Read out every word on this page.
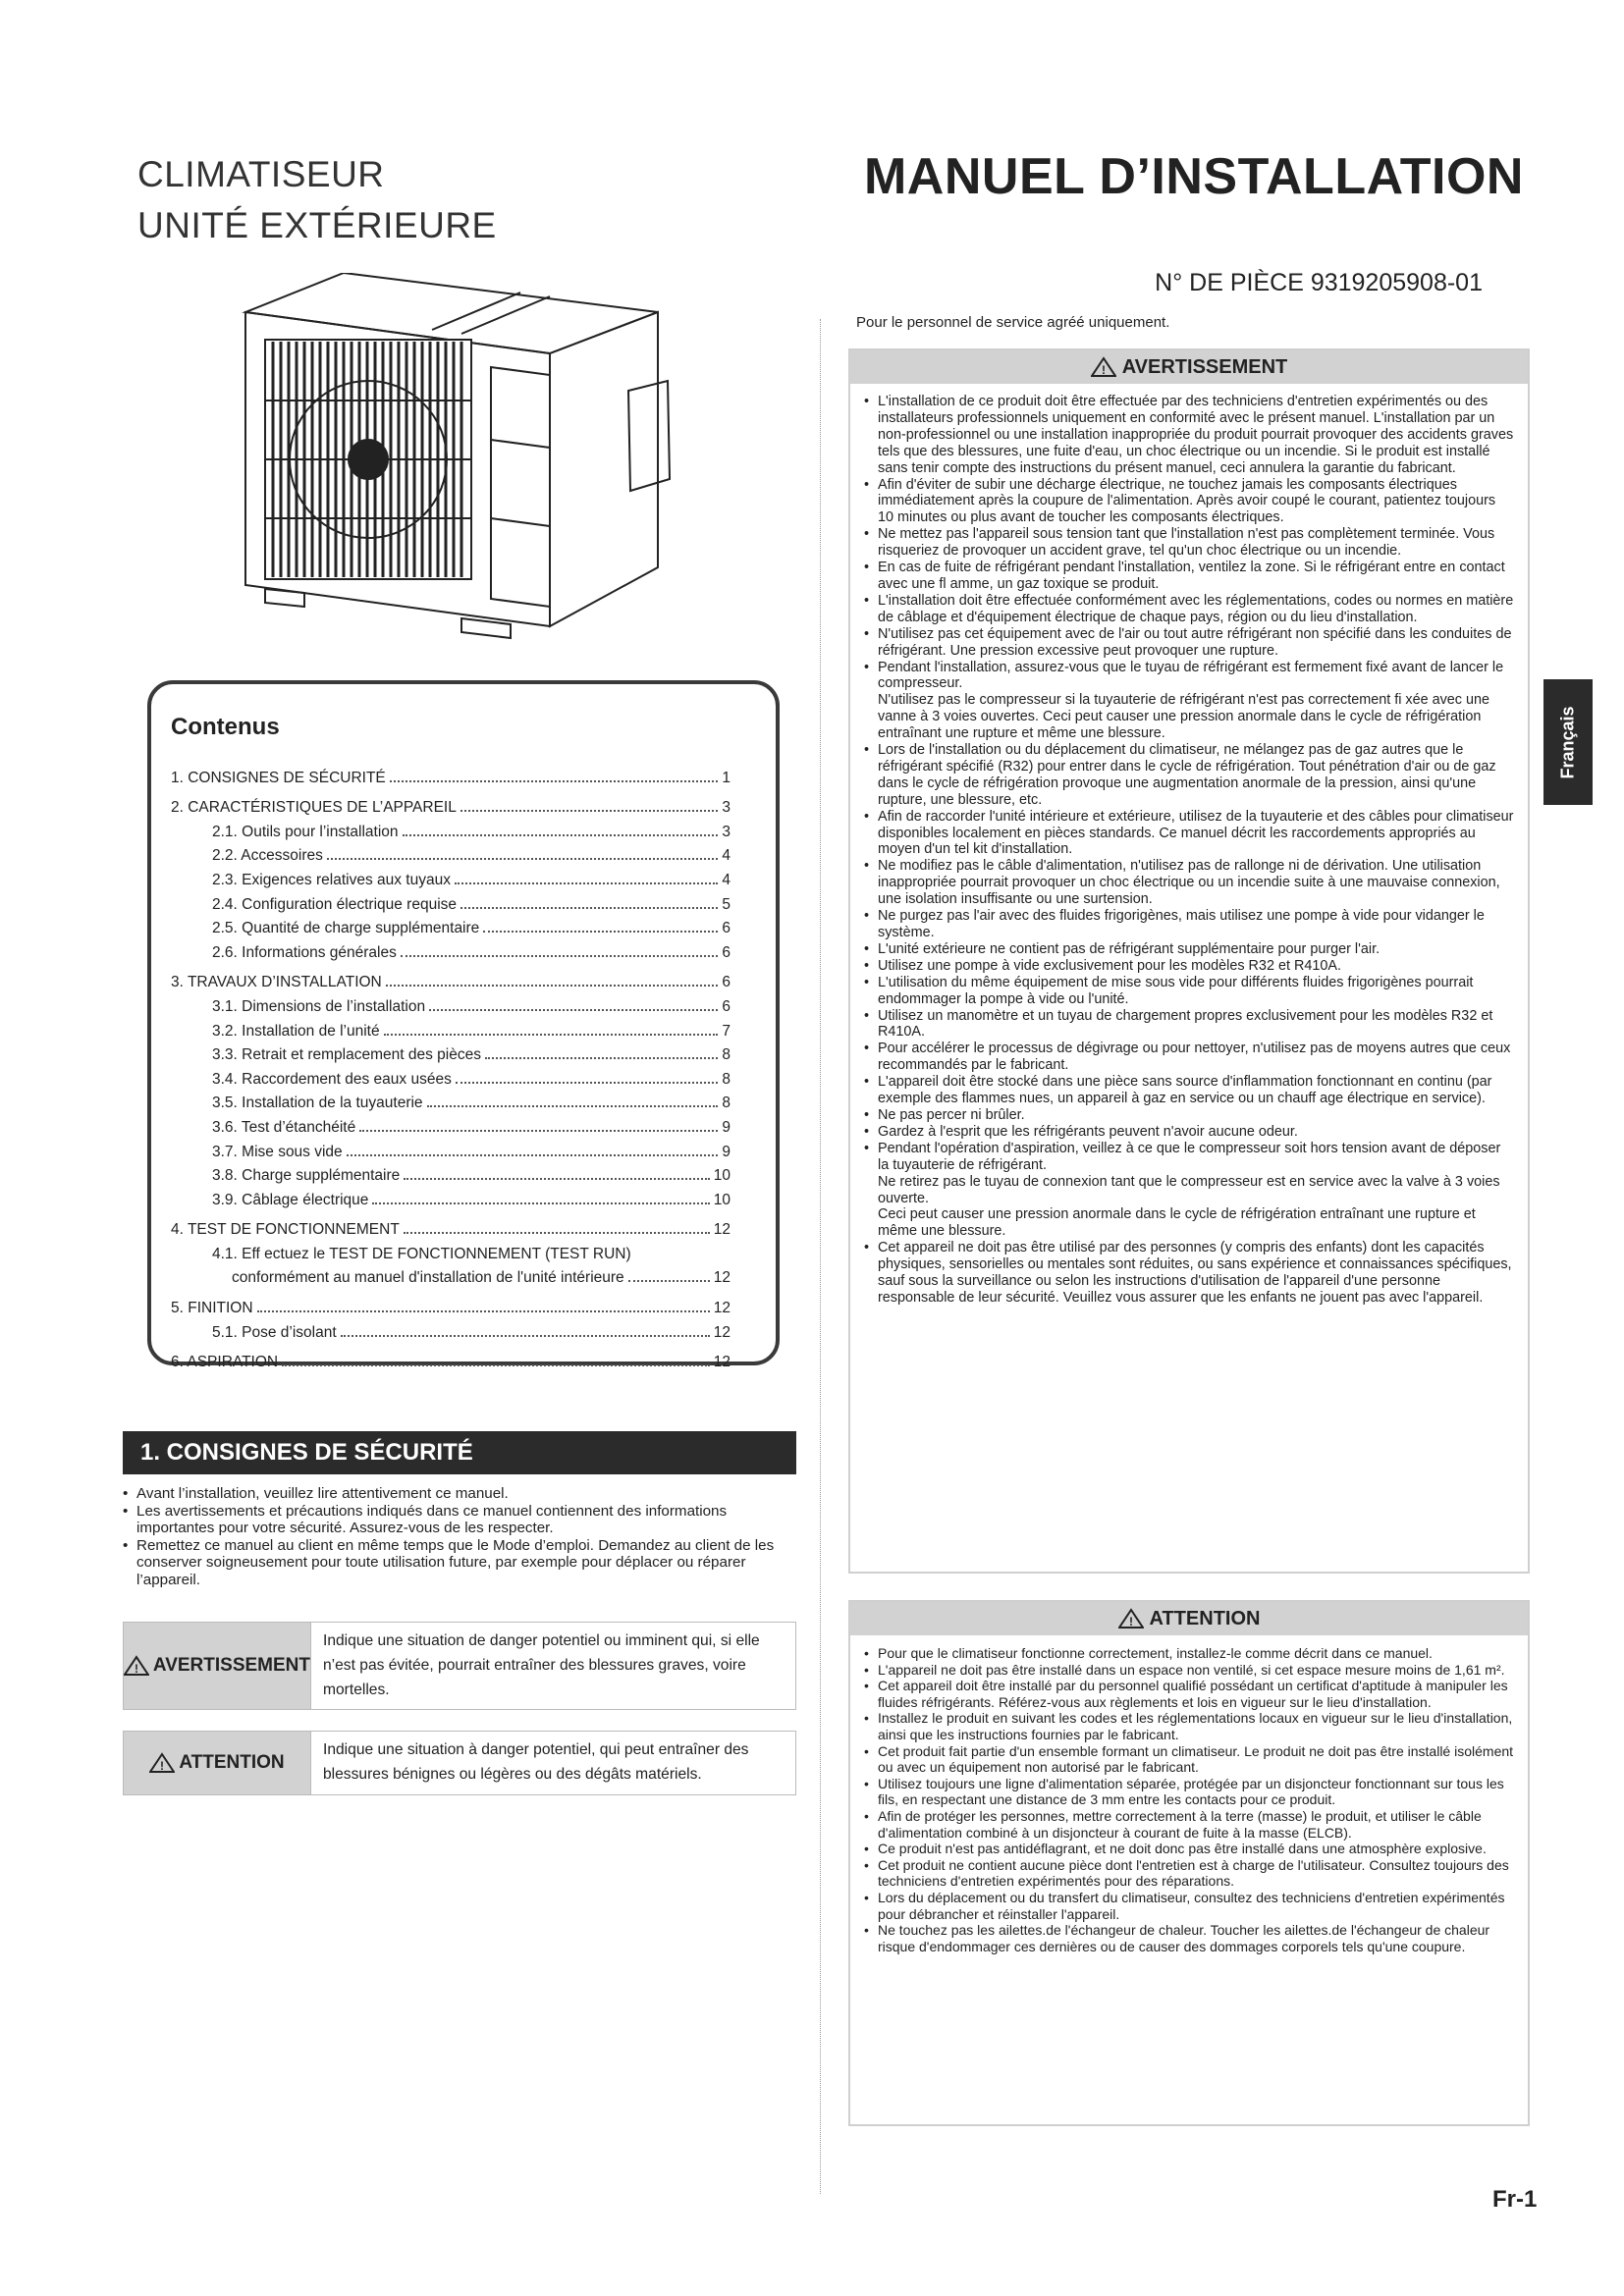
CLIMATISEUR
UNITÉ EXTÉRIEURE
MANUEL D’INSTALLATION
N° DE PIÈCE 9319205908-01
Pour le personnel de service agréé uniquement.
Contenus
1. CONSIGNES DE SÉCURITÉ	1
2. CARACTÉRISTIQUES DE L’APPAREIL	3
2.1. Outils pour l’installation	3
2.2. Accessoires	4
2.3. Exigences relatives aux tuyaux	4
2.4. Configuration électrique requise	5
2.5. Quantité de charge supplémentaire	6
2.6. Informations générales	6
3. TRAVAUX D’INSTALLATION	6
3.1. Dimensions de l’installation	6
3.2. Installation de l’unité	7
3.3. Retrait et remplacement des pièces	8
3.4. Raccordement des eaux usées	8
3.5. Installation de la tuyauterie	8
3.6. Test d’étanchéité	9
3.7. Mise sous vide	9
3.8. Charge supplémentaire	10
3.9. Câblage électrique	10
4. TEST DE FONCTIONNEMENT	12
4.1. Eff ectuez le TEST DE FONCTIONNEMENT (TEST RUN)
conformément au manuel d'installation de l'unité intérieure	12
5. FINITION	12
5.1. Pose d’isolant	12
6. ASPIRATION	12
1. CONSIGNES DE SÉCURITÉ
• Avant l’installation, veuillez lire attentivement ce manuel.
• Les avertissements et précautions indiqués dans ce manuel contiennent des informations importantes pour votre sécurité. Assurez-vous de les respecter.
• Remettez ce manuel au client en même temps que le Mode d’emploi. Demandez au client de les conserver soigneusement pour toute utilisation future, par exemple pour déplacer ou réparer l’appareil.
! AVERTISSEMENT
Indique une situation de danger potentiel ou imminent qui, si elle n’est pas évitée, pourrait entraîner des blessures graves, voire mortelles.
! ATTENTION
Indique une situation à danger potentiel, qui peut entraîner des blessures bénignes ou légères ou des dégâts matériels.
! AVERTISSEMENT
• L'installation de ce produit doit être effectuée par des techniciens d'entretien expérimentés ou des installateurs professionnels uniquement en conformité avec le présent manuel. L'installation par un non-professionnel ou une installation inappropriée du produit pourrait provoquer des accidents graves tels que des blessures, une fuite d'eau, un choc électrique ou un incendie. Si le produit est installé sans tenir compte des instructions du présent manuel, ceci annulera la garantie du fabricant.
• Afin d'éviter de subir une décharge électrique, ne touchez jamais les composants électriques immédiatement après la coupure de l'alimentation. Après avoir coupé le courant, patientez toujours 10 minutes ou plus avant de toucher les composants électriques.
• Ne mettez pas l'appareil sous tension tant que l'installation n'est pas complètement terminée. Vous risqueriez de provoquer un accident grave, tel qu'un choc électrique ou un incendie.
• En cas de fuite de réfrigérant pendant l'installation, ventilez la zone. Si le réfrigérant entre en contact avec une fl amme, un gaz toxique se produit.
• L'installation doit être effectuée conformément avec les réglementations, codes ou normes en matière de câblage et d'équipement électrique de chaque pays, région ou du lieu d'installation.
• N'utilisez pas cet équipement avec de l'air ou tout autre réfrigérant non spécifié dans les conduites de réfrigérant. Une pression excessive peut provoquer une rupture.
• Pendant l'installation, assurez-vous que le tuyau de réfrigérant est fermement fixé avant de lancer le compresseur.
N'utilisez pas le compresseur si la tuyauterie de réfrigérant n'est pas correctement fi xée avec une vanne à 3 voies ouvertes. Ceci peut causer une pression anormale dans le cycle de réfrigération entraînant une rupture et même une blessure.
• Lors de l'installation ou du déplacement du climatiseur, ne mélangez pas de gaz autres que le réfrigérant spécifié (R32) pour entrer dans le cycle de réfrigération. Tout pénétration d'air ou de gaz dans le cycle de réfrigération provoque une augmentation anormale de la pression, ainsi qu'une rupture, une blessure, etc.
• Afin de raccorder l'unité intérieure et extérieure, utilisez de la tuyauterie et des câbles pour climatiseur disponibles localement en pièces standards. Ce manuel décrit les raccordements appropriés au moyen d'un tel kit d'installation.
• Ne modifiez pas le câble d'alimentation, n'utilisez pas de rallonge ni de dérivation. Une utilisation inappropriée pourrait provoquer un choc électrique ou un incendie suite à une mauvaise connexion, une isolation insuffisante ou une surtension.
• Ne purgez pas l'air avec des fluides frigorigènes, mais utilisez une pompe à vide pour vidanger le système.
• L'unité extérieure ne contient pas de réfrigérant supplémentaire pour purger l'air.
• Utilisez une pompe à vide exclusivement pour les modèles R32 et R410A.
• L'utilisation du même équipement de mise sous vide pour différents fluides frigorigènes pourrait endommager la pompe à vide ou l'unité.
• Utilisez un manomètre et un tuyau de chargement propres exclusivement pour les modèles R32 et R410A.
• Pour accélérer le processus de dégivrage ou pour nettoyer, n'utilisez pas de moyens autres que ceux recommandés par le fabricant.
• L'appareil doit être stocké dans une pièce sans source d'inflammation fonctionnant en continu (par exemple des flammes nues, un appareil à gaz en service ou un chauff age électrique en service).
• Ne pas percer ni brûler.
• Gardez à l'esprit que les réfrigérants peuvent n'avoir aucune odeur.
• Pendant l'opération d'aspiration, veillez à ce que le compresseur soit hors tension avant de déposer la tuyauterie de réfrigérant.
Ne retirez pas le tuyau de connexion tant que le compresseur est en service avec la valve à 3 voies ouverte.
Ceci peut causer une pression anormale dans le cycle de réfrigération entraînant une rupture et même une blessure.
• Cet appareil ne doit pas être utilisé par des personnes (y compris des enfants) dont les capacités physiques, sensorielles ou mentales sont réduites, ou sans expérience et connaissances spécifiques, sauf sous la surveillance ou selon les instructions d'utilisation de l'appareil d'une personne responsable de leur sécurité. Veuillez vous assurer que les enfants ne jouent pas avec l'appareil.
! ATTENTION
• Pour que le climatiseur fonctionne correctement, installez-le comme décrit dans ce manuel.
• L'appareil ne doit pas être installé dans un espace non ventilé, si cet espace mesure moins de 1,61 m².
• Cet appareil doit être installé par du personnel qualifié possédant un certificat d'aptitude à manipuler les fluides réfrigérants. Référez-vous aux règlements et lois en vigueur sur le lieu d'installation.
• Installez le produit en suivant les codes et les réglementations locaux en vigueur sur le lieu d'installation, ainsi que les instructions fournies par le fabricant.
• Cet produit fait partie d'un ensemble formant un climatiseur. Le produit ne doit pas être installé isolément ou avec un équipement non autorisé par le fabricant.
• Utilisez toujours une ligne d'alimentation séparée, protégée par un disjoncteur fonctionnant sur tous les fils, en respectant une distance de 3 mm entre les contacts pour ce produit.
• Afin de protéger les personnes, mettre correctement à la terre (masse) le produit, et utiliser le câble d'alimentation combiné à un disjoncteur à courant de fuite à la masse (ELCB).
• Ce produit n'est pas antidéflagrant, et ne doit donc pas être installé dans une atmosphère explosive.
• Cet produit ne contient aucune pièce dont l'entretien est à charge de l'utilisateur. Consultez toujours des techniciens d'entretien expérimentés pour des réparations.
• Lors du déplacement ou du transfert du climatiseur, consultez des techniciens d'entretien expérimentés pour débrancher et réinstaller l'appareil.
• Ne touchez pas les ailettes.de l'échangeur de chaleur. Toucher les ailettes.de l'échangeur de chaleur risque d'endommager ces dernières ou de causer des dommages corporels tels qu'une coupure.
Français
Fr-1
